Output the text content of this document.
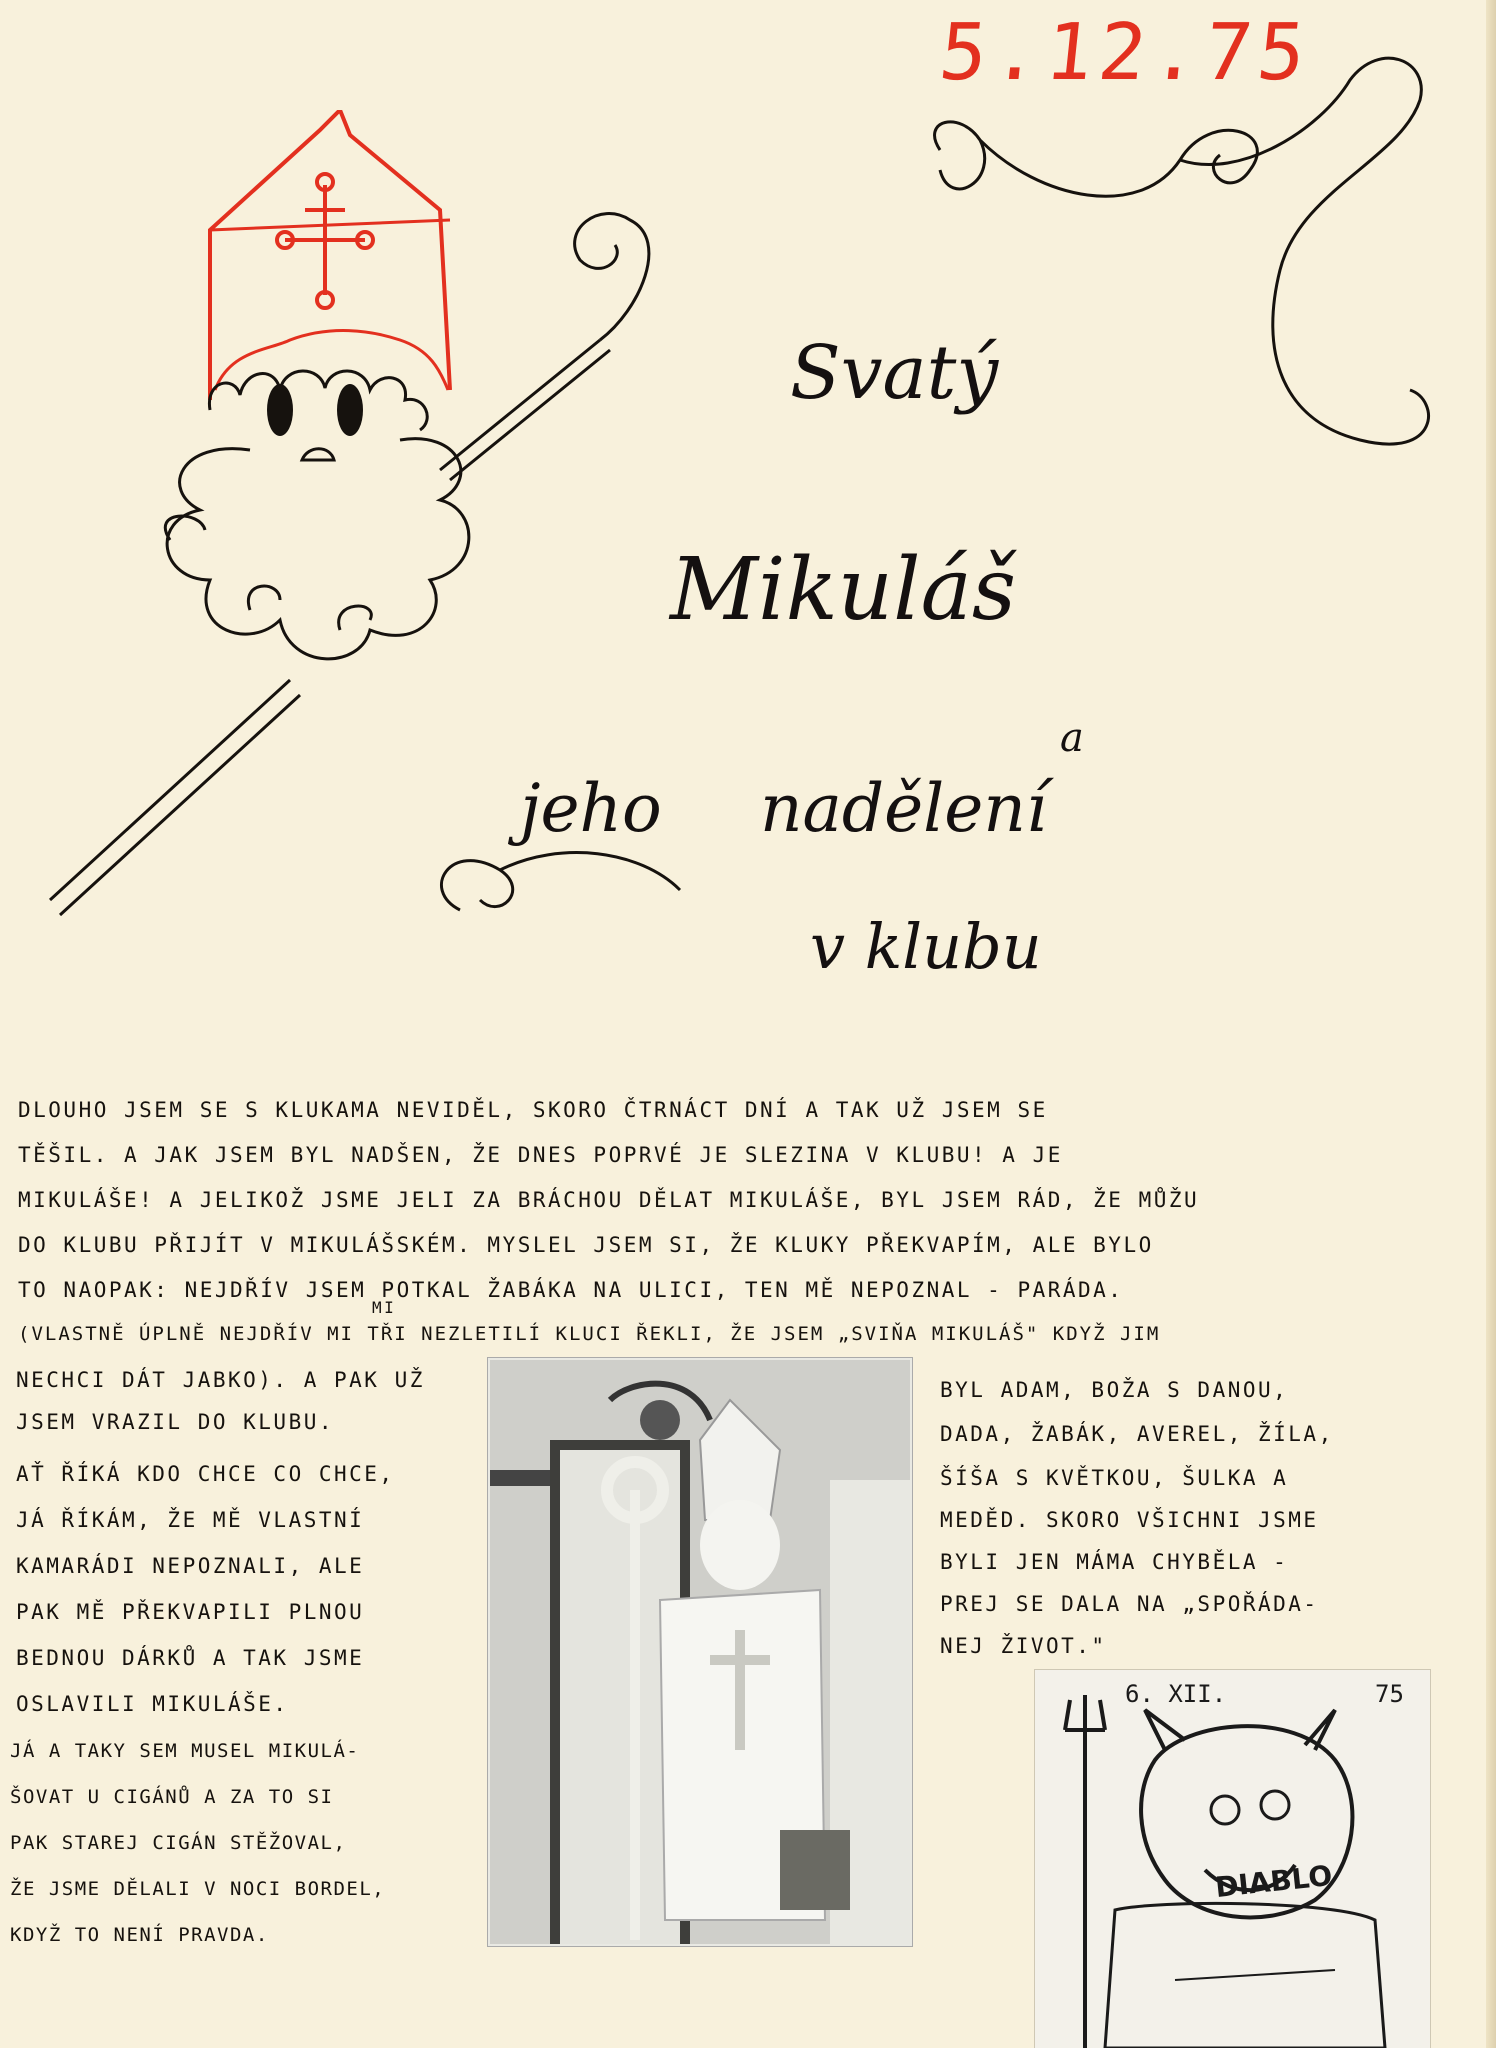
5.12.75
Svatý
Mikuláš
a
jeho nadělení
v klubu
DLOUHO JSEM SE S KLUKAMA NEVIDĚL, SKORO ČTRNÁCT DNÍ A TAK UŽ JSEM SE
TĚŠIL. A JAK JSEM BYL NADŠEN, ŽE DNES POPRVÉ JE SLEZINA V KLUBU! A JE
MIKULÁŠE! A JELIKOŽ JSME JELI ZA BRÁCHOU DĚLAT MIKULÁŠE, BYL JSEM RÁD, ŽE MŮŽU
DO KLUBU PŘIJÍT V MIKULÁŠSKÉM. MYSLEL JSEM SI, ŽE KLUKY PŘEKVAPÍM, ALE BYLO
TO NAOPAK: NEJDŘÍV JSEM POTKAL ŽABÁKA NA ULICI, TEN MĚ NEPOZNAL - PARÁDA.
(VLASTNĚ ÚPLNĚ NEJDŘÍV MI TŘI NEZLETILÍ KLUCI ŘEKLI, ŽE JSEM „SVIŇA MIKULÁŠ" KDYŽ JIM
MI
NECHCI DÁT JABKO). A PAK UŽ
JSEM VRAZIL DO KLUBU.
AŤ ŘÍKÁ KDO CHCE CO CHCE,
JÁ ŘÍKÁM, ŽE MĚ VLASTNÍ
KAMARÁDI NEPOZNALI, ALE
PAK MĚ PŘEKVAPILI PLNOU
BEDNOU DÁRKŮ A TAK JSME
OSLAVILI MIKULÁŠE.
JÁ A TAKY SEM MUSEL MIKULÁ-
ŠOVAT U CIGÁNŮ A ZA TO SI
PAK STAREJ CIGÁN STĚŽOVAL,
ŽE JSME DĚLALI V NOCI BORDEL,
KDYŽ TO NENÍ PRAVDA.
BYL ADAM, BOŽA S DANOU,
DADA, ŽABÁK, AVEREL, ŽÍLA,
ŠÍŠA S KVĚTKOU, ŠULKA A
MEDĚD. SKORO VŠICHNI JSME
BYLI JEN MÁMA CHYBĚLA -
PREJ SE DALA NA „SPOŘÁDA-
NEJ ŽIVOT."
6. XII.	75
DIABLO
